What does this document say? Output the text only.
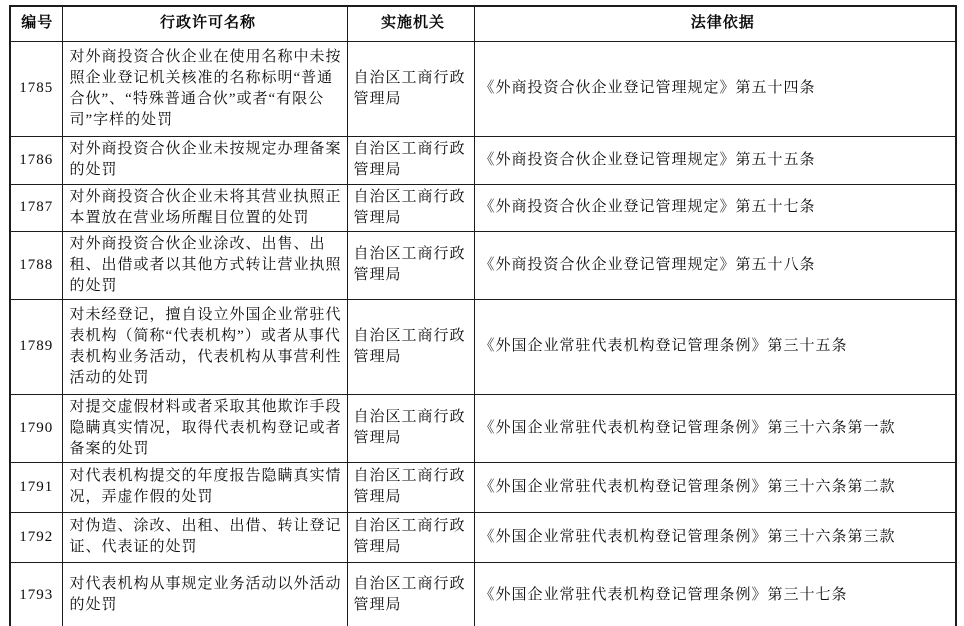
编号	行政许可名称	实施机关	法律依据
1785	对外商投资合伙企业在使用名称中未按照企业登记机关核准的名称标明“普通合伙”、“特殊普通合伙”或者“有限公司”字样的处罚	自治区工商行政管理局	《外商投资合伙企业登记管理规定》第五十四条
1786	对外商投资合伙企业未按规定办理备案的处罚	自治区工商行政管理局	《外商投资合伙企业登记管理规定》第五十五条
1787	对外商投资合伙企业未将其营业执照正本置放在营业场所醒目位置的处罚	自治区工商行政管理局	《外商投资合伙企业登记管理规定》第五十七条
1788	对外商投资合伙企业涂改、出售、出租、出借或者以其他方式转让营业执照的处罚	自治区工商行政管理局	《外商投资合伙企业登记管理规定》第五十八条
1789	对未经登记，擅自设立外国企业常驻代表机构（简称“代表机构”）或者从事代表机构业务活动，代表机构从事营利性活动的处罚	自治区工商行政管理局	《外国企业常驻代表机构登记管理条例》第三十五条
1790	对提交虚假材料或者采取其他欺诈手段隐瞒真实情况，取得代表机构登记或者备案的处罚	自治区工商行政管理局	《外国企业常驻代表机构登记管理条例》第三十六条第一款
1791	对代表机构提交的年度报告隐瞒真实情况，弄虚作假的处罚	自治区工商行政管理局	《外国企业常驻代表机构登记管理条例》第三十六条第二款
1792	对伪造、涂改、出租、出借、转让登记证、代表证的处罚	自治区工商行政管理局	《外国企业常驻代表机构登记管理条例》第三十六条第三款
1793	对代表机构从事规定业务活动以外活动的处罚	自治区工商行政管理局	《外国企业常驻代表机构登记管理条例》第三十七条
